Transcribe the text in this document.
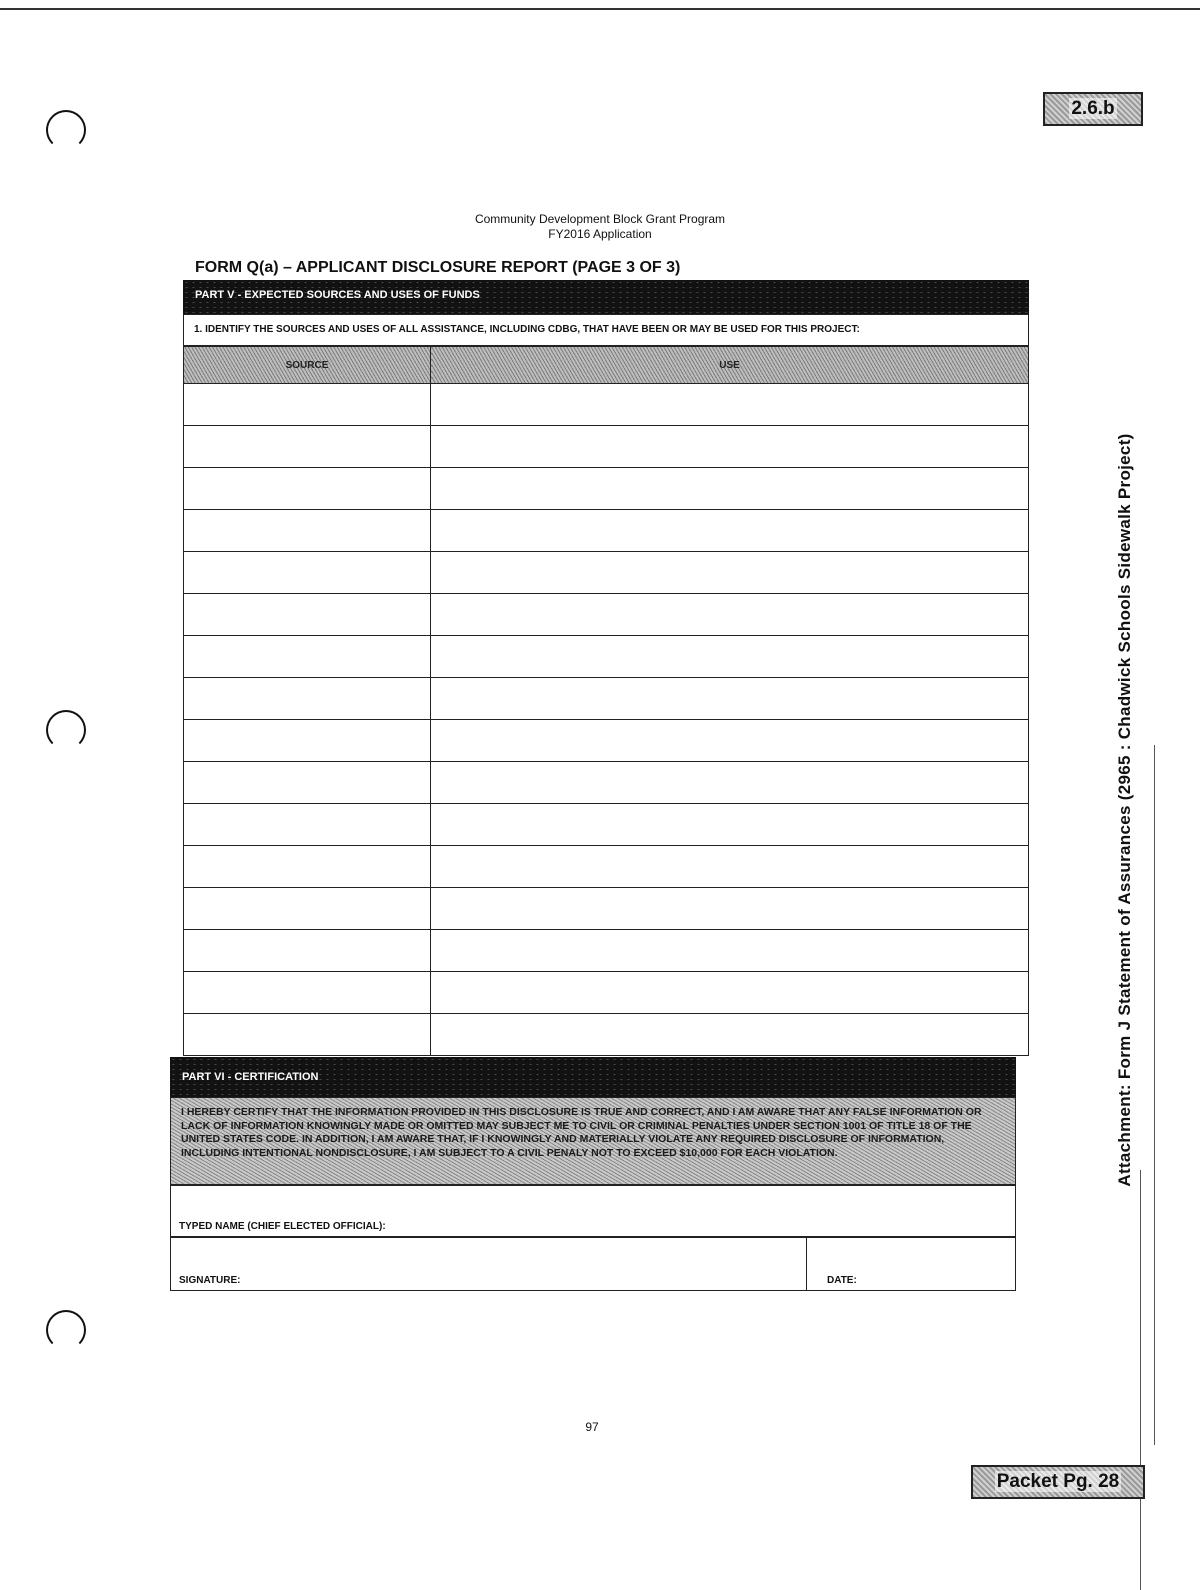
2.6.b
Attachment: Form J Statement of Assurances (2965 : Chadwick Schools Sidewalk Project)
Community Development Block Grant Program
FY2016 Application
FORM Q(a) – APPLICANT DISCLOSURE REPORT (PAGE 3 OF 3)
PART V - EXPECTED SOURCES AND USES OF FUNDS
1. IDENTIFY THE SOURCES AND USES OF ALL ASSISTANCE, INCLUDING CDBG, THAT HAVE BEEN OR MAY BE USED FOR THIS PROJECT:
SOURCE	USE

PART VI - CERTIFICATION
I HEREBY CERTIFY THAT THE INFORMATION PROVIDED IN THIS DISCLOSURE IS TRUE AND CORRECT, AND I AM AWARE THAT ANY FALSE INFORMATION OR LACK OF INFORMATION KNOWINGLY MADE OR OMITTED MAY SUBJECT ME TO CIVIL OR CRIMINAL PENALTIES UNDER SECTION 1001 OF TITLE 18 OF THE UNITED STATES CODE. IN ADDITION, I AM AWARE THAT, IF I KNOWINGLY AND MATERIALLY VIOLATE ANY REQUIRED DISCLOSURE OF INFORMATION, INCLUDING INTENTIONAL NONDISCLOSURE, I AM SUBJECT TO A CIVIL PENALY NOT TO EXCEED $10,000 FOR EACH VIOLATION.
TYPED NAME (CHIEF ELECTED OFFICIAL):
SIGNATURE:	DATE:
97
Packet Pg. 28
